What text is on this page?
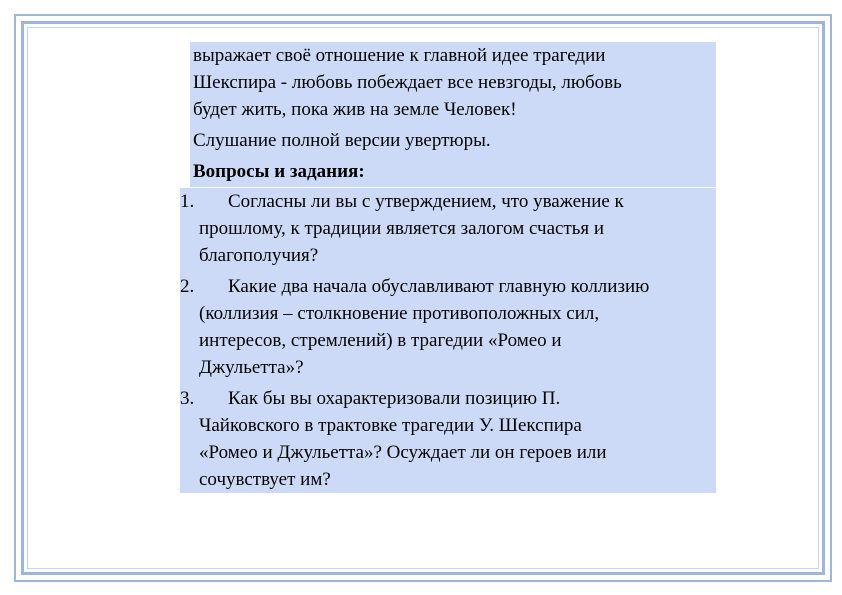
выражает своё отношение к главной идее трагедии
Шекспира - любовь побеждает все невзгоды, любовь
будет жить, пока жив на земле Человек!

Слушание полной версии увертюры.

Вопросы и задания:

1.	Согласны ли вы с утверждением, что уважение к
прошлому, к традиции является залогом счастья и
благополучия?

2.	Какие два начала обуславливают главную коллизию
(коллизия – столкновение противоположных сил,
интересов, стремлений) в трагедии «Ромео и
Джульетта»?

3.	Как бы вы охарактеризовали позицию П.
Чайковского в трактовке трагедии У. Шекспира
«Ромео и Джульетта»? Осуждает ли он героев или
сочувствует им?
